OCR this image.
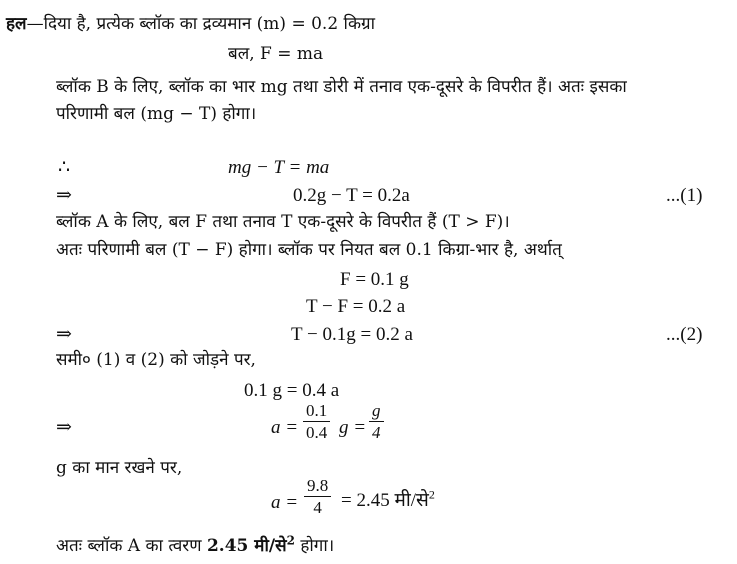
हल—दिया है, प्रत्येक ब्लॉक का द्रव्यमान (m) = 0.2 किग्रा
बल, F = ma
ब्लॉक B के लिए, ब्लॉक का भार mg तथा डोरी में तनाव एक-दूसरे के विपरीत हैं। अतः इसका
परिणामी बल (mg − T) होगा।
∴	mg − T = ma
⇒	0.2g − T = 0.2a	...(1)
ब्लॉक A के लिए, बल F तथा तनाव T एक-दूसरे के विपरीत हैं (T > F)।
अतः परिणामी बल (T − F) होगा। ब्लॉक पर नियत बल 0.1 किग्रा-भार है, अर्थात्
F = 0.1 g
T − F = 0.2 a
⇒	T − 0.1g = 0.2 a	...(2)
समी० (1) व (2) को जोड़ने पर,
0.1 g = 0.4 a
⇒	$a = \frac{0.1}{0.4}$ $g = \frac{g}{4}$
g का मान रखने पर,
$a = \frac{9.8}{4} = 2.45$ मी/से$^2$
अतः ब्लॉक A का त्वरण 2.45 मी/से$^2$ होगा।
